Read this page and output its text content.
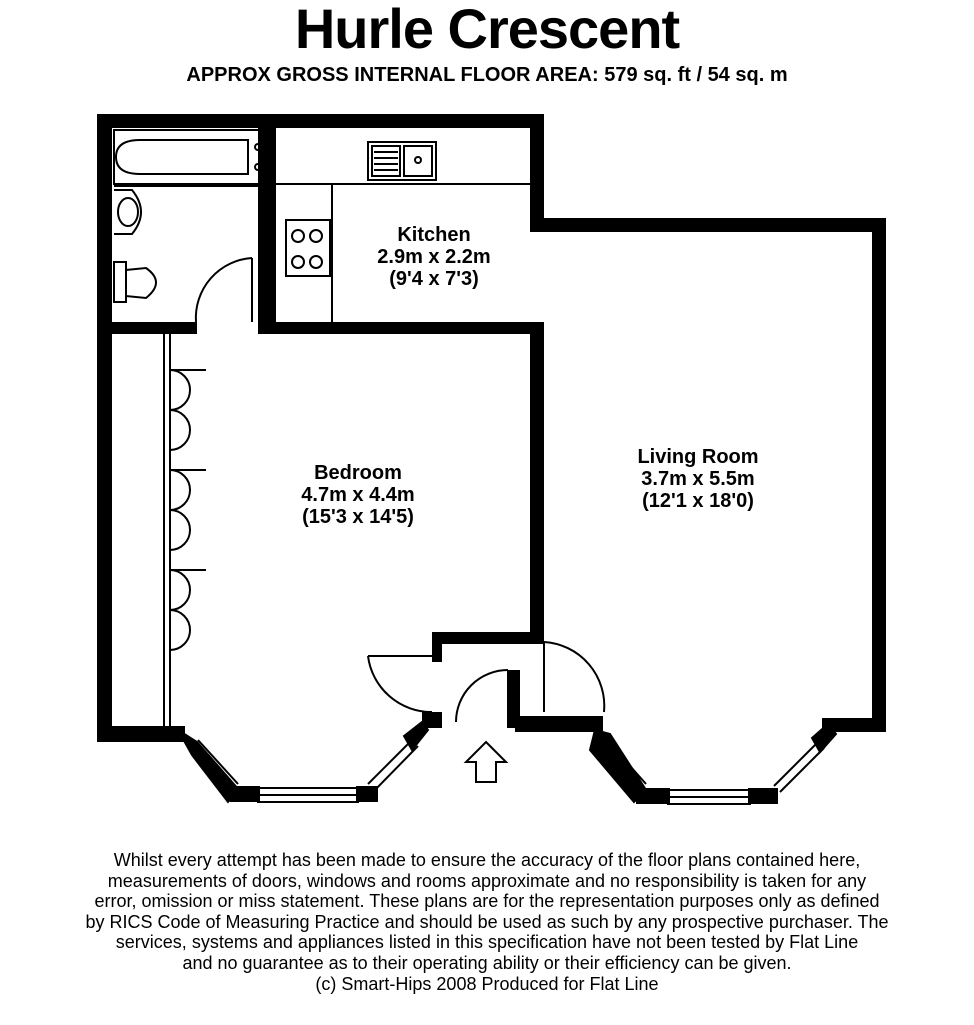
Hurle Crescent
APPROX GROSS INTERNAL FLOOR AREA: 579 sq. ft / 54 sq. m
Kitchen
2.9m x 2.2m
(9'4 x 7'3)
Bedroom
4.7m x 4.4m
(15'3 x 14'5)
Living Room
3.7m x 5.5m
(12'1 x 18'0)
Whilst every attempt has been made to ensure the accuracy of the floor plans contained here,
measurements of doors, windows and rooms approximate and no responsibility is taken for any
error, omission or miss statement. These plans are for the representation purposes only as defined
by RICS Code of Measuring Practice and should be used as such by any prospective purchaser. The
services, systems and appliances listed in this specification have not been tested by Flat Line
and no guarantee as to their operating ability or their efficiency can be given.
(c) Smart-Hips 2008 Produced for Flat Line
